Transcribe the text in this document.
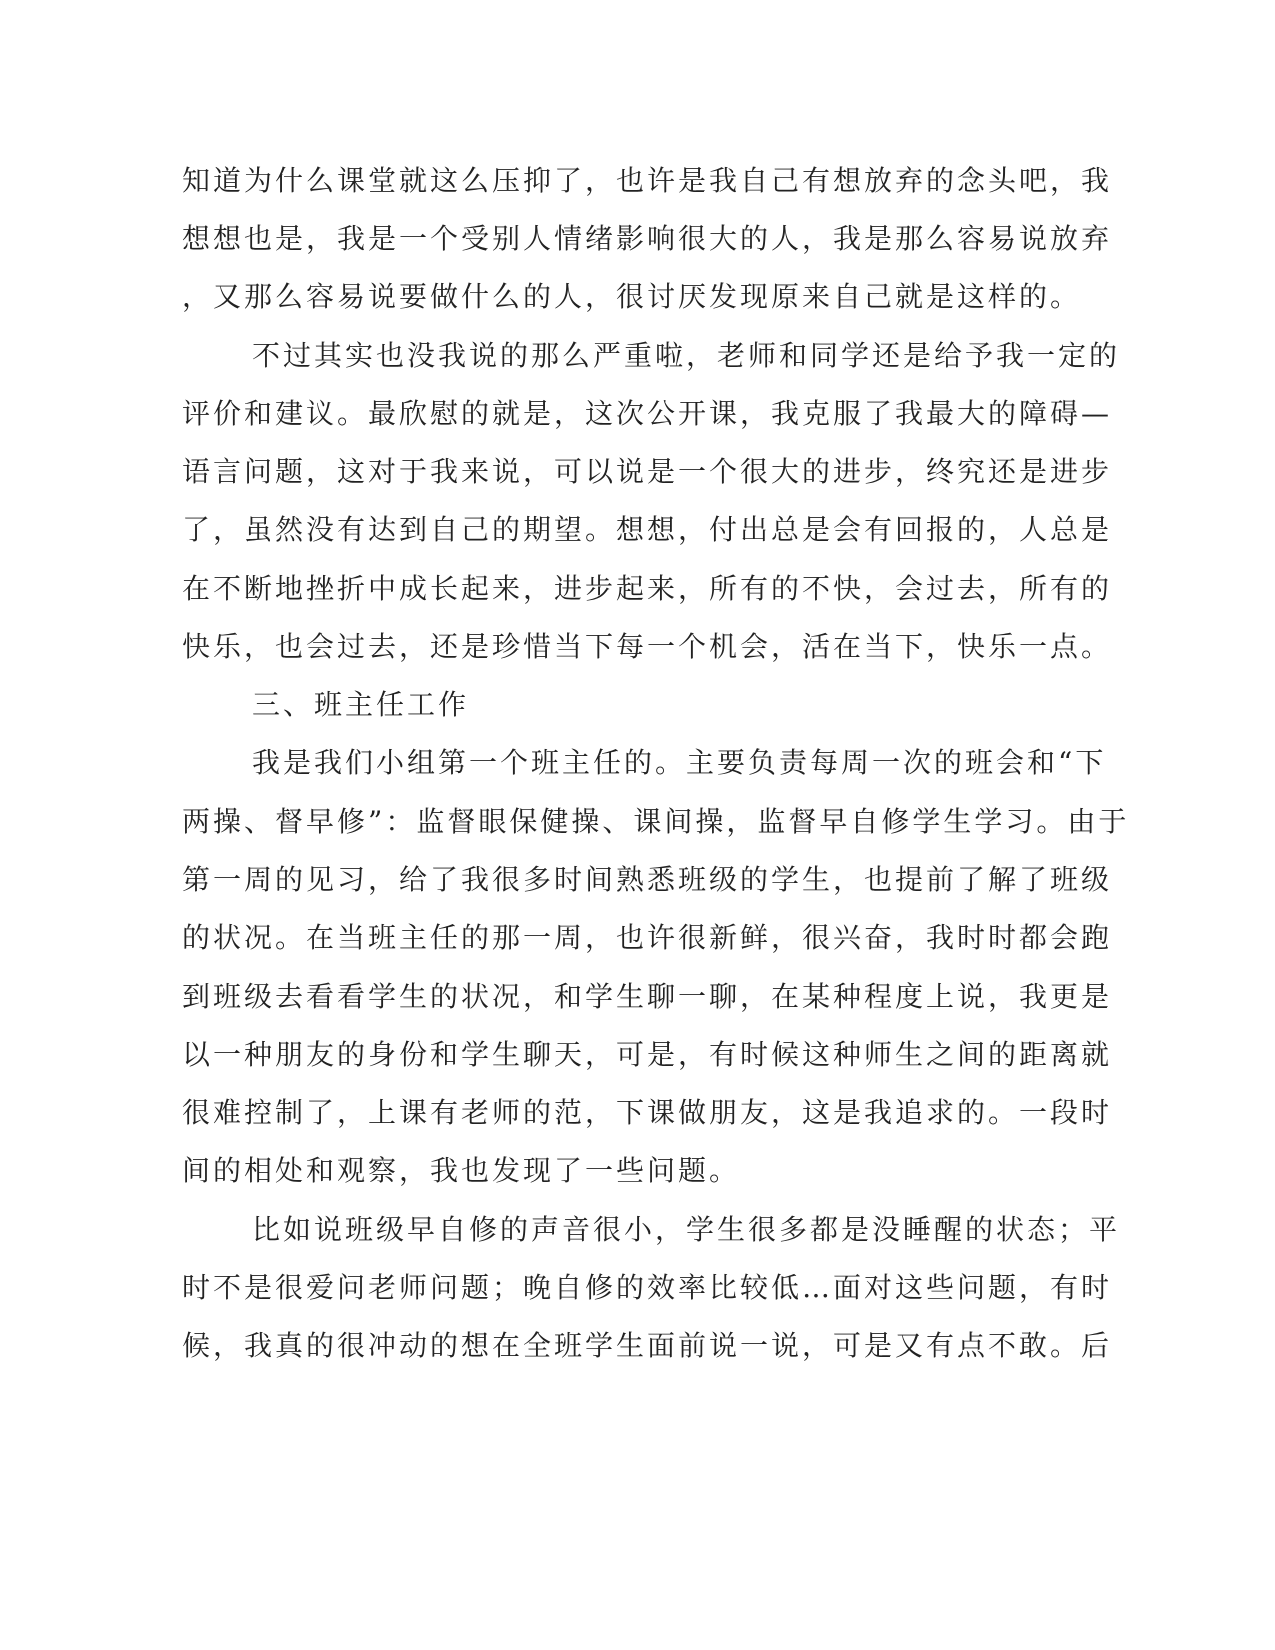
知道为什么课堂就这么压抑了，也许是我自己有想放弃的念头吧，我
想想也是，我是一个受别人情绪影响很大的人，我是那么容易说放弃
，又那么容易说要做什么的人，很讨厌发现原来自己就是这样的。
不过其实也没我说的那么严重啦，老师和同学还是给予我一定的
评价和建议。最欣慰的就是，这次公开课，我克服了我最大的障碍—
语言问题，这对于我来说，可以说是一个很大的进步，终究还是进步
了，虽然没有达到自己的期望。想想，付出总是会有回报的，人总是
在不断地挫折中成长起来，进步起来，所有的不快，会过去，所有的
快乐，也会过去，还是珍惜当下每一个机会，活在当下，快乐一点。
三、班主任工作
我是我们小组第一个班主任的。主要负责每周一次的班会和“下
两操、督早修”：监督眼保健操、课间操，监督早自修学生学习。由于
第一周的见习，给了我很多时间熟悉班级的学生，也提前了解了班级
的状况。在当班主任的那一周，也许很新鲜，很兴奋，我时时都会跑
到班级去看看学生的状况，和学生聊一聊，在某种程度上说，我更是
以一种朋友的身份和学生聊天，可是，有时候这种师生之间的距离就
很难控制了，上课有老师的范，下课做朋友，这是我追求的。一段时
间的相处和观察，我也发现了一些问题。
比如说班级早自修的声音很小，学生很多都是没睡醒的状态；平
时不是很爱问老师问题；晚自修的效率比较低…面对这些问题，有时
候，我真的很冲动的想在全班学生面前说一说，可是又有点不敢。后
